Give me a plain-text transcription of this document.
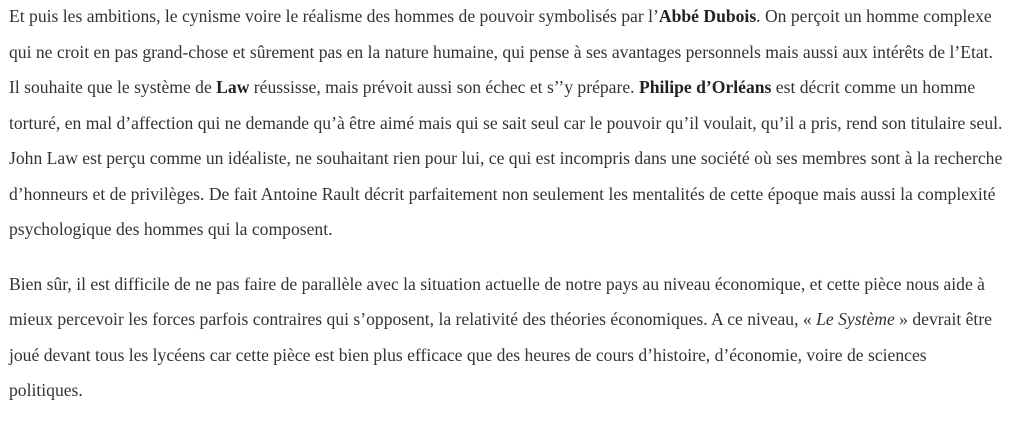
Et puis les ambitions, le cynisme voire le réalisme des hommes de pouvoir symbolisés par l’Abbé Dubois. On perçoit un homme complexe qui ne croit en pas grand-chose et sûrement pas en la nature humaine, qui pense à ses avantages personnels mais aussi aux intérêts de l’Etat. Il souhaite que le système de Law réussisse, mais prévoit aussi son échec et s’’y prépare. Philipe d’Orléans est décrit comme un homme torturé, en mal d’affection qui ne demande qu’à être aimé mais qui se sait seul car le pouvoir qu’il voulait, qu’il a pris, rend son titulaire seul. John Law est perçu comme un idéaliste, ne souhaitant rien pour lui, ce qui est incompris dans une société où ses membres sont à la recherche d’honneurs et de privilèges. De fait Antoine Rault décrit parfaitement non seulement les mentalités de cette époque mais aussi la complexité psychologique des hommes qui la composent.

Bien sûr, il est difficile de ne pas faire de parallèle avec la situation actuelle de notre pays au niveau économique, et cette pièce nous aide à mieux percevoir les forces parfois contraires qui s’opposent, la relativité des théories économiques. A ce niveau, « Le Système » devrait être joué devant tous les lycéens car cette pièce est bien plus efficace que des heures de cours d’histoire, d’économie, voire de sciences politiques.
